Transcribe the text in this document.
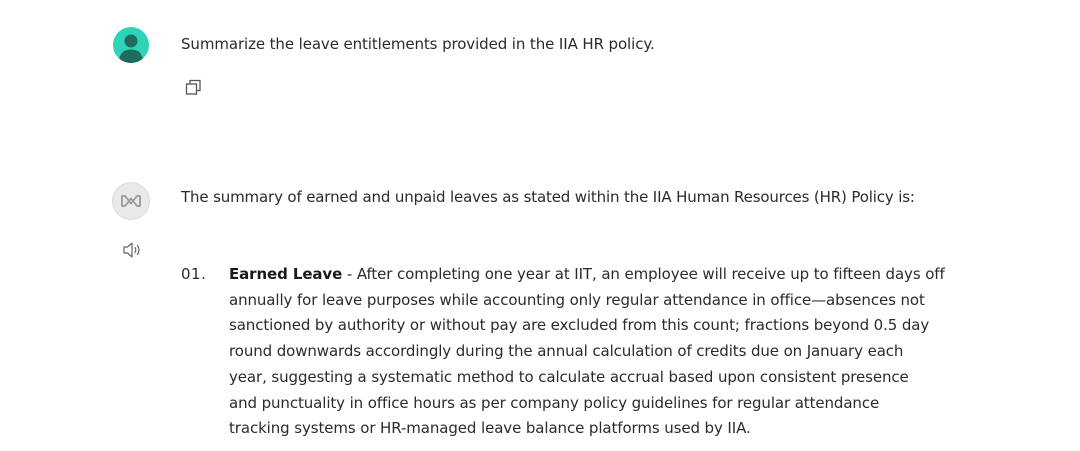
Summarize the leave entitlements provided in the IIA HR policy.
The summary of earned and unpaid leaves as stated within the IIA Human Resources (HR) Policy is:
01. Earned Leave - After completing one year at IIT, an employee will receive up to fifteen days off
annually for leave purposes while accounting only regular attendance in office—absences not
sanctioned by authority or without pay are excluded from this count; fractions beyond 0.5 day
round downwards accordingly during the annual calculation of credits due on January each
year, suggesting a systematic method to calculate accrual based upon consistent presence
and punctuality in office hours as per company policy guidelines for regular attendance
tracking systems or HR-managed leave balance platforms used by IIA.
